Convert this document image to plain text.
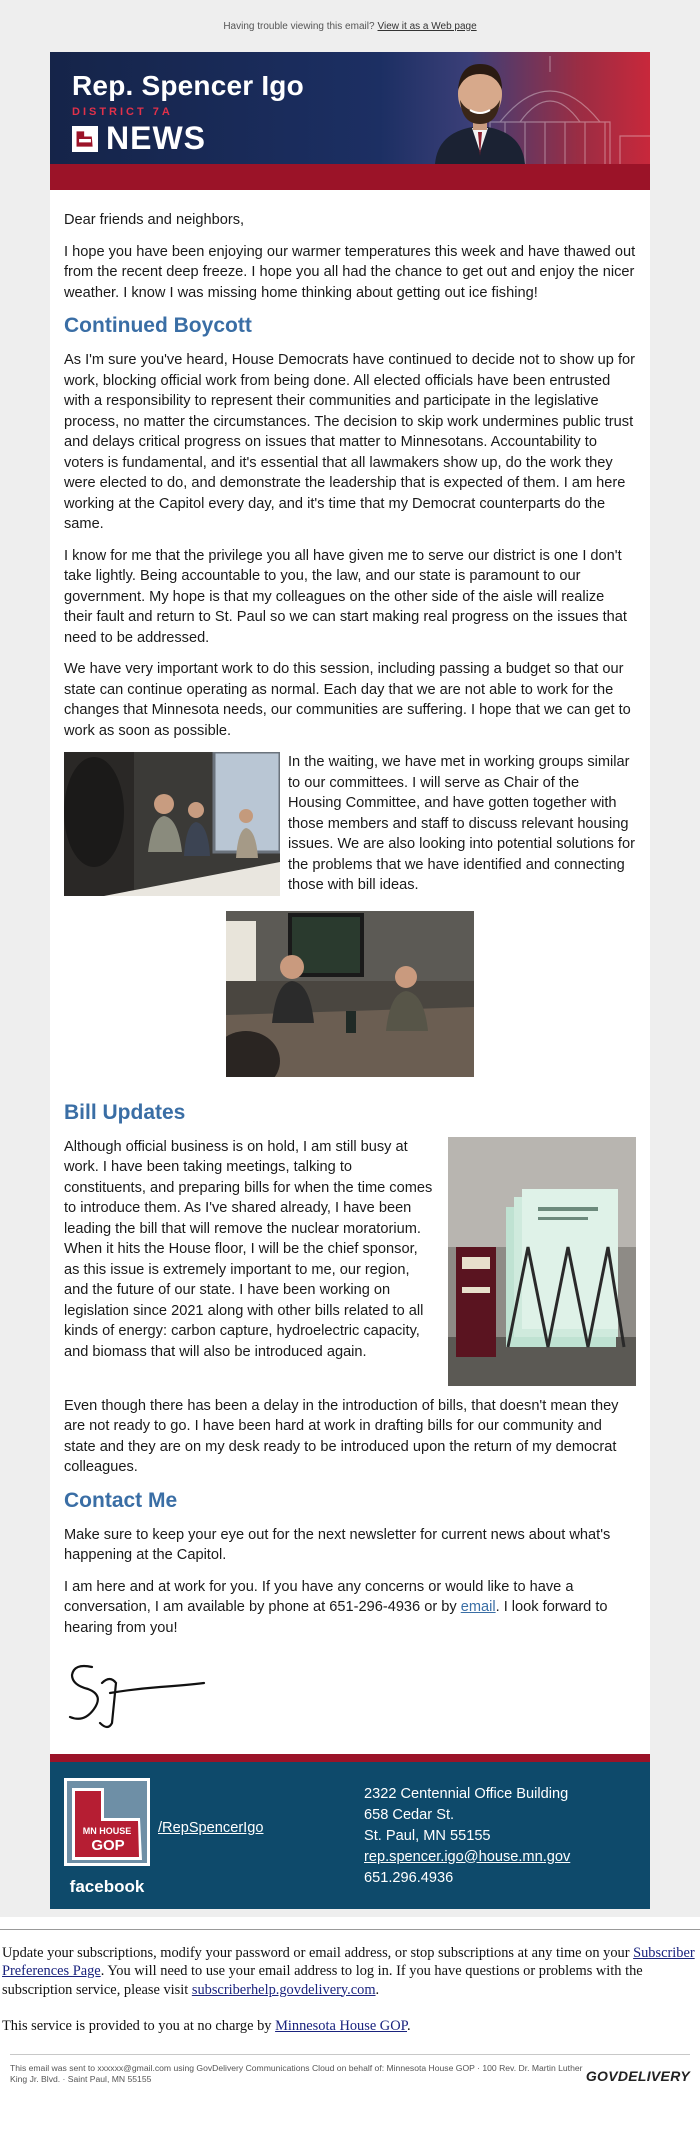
Having trouble viewing this email? View it as a Web page
Rep. Spencer Igo
DISTRICT 7A
NEWS

Dear friends and neighbors,

I hope you have been enjoying our warmer temperatures this week and have thawed out from the recent deep freeze. I hope you all had the chance to get out and enjoy the nicer weather. I know I was missing home thinking about getting out ice fishing!

Continued Boycott

As I'm sure you've heard, House Democrats have continued to decide not to show up for work, blocking official work from being done. All elected officials have been entrusted with a responsibility to represent their communities and participate in the legislative process, no matter the circumstances. The decision to skip work undermines public trust and delays critical progress on issues that matter to Minnesotans. Accountability to voters is fundamental, and it's essential that all lawmakers show up, do the work they were elected to do, and demonstrate the leadership that is expected of them. I am here working at the Capitol every day, and it's time that my Democrat counterparts do the same.

I know for me that the privilege you all have given me to serve our district is one I don't take lightly. Being accountable to you, the law, and our state is paramount to our government. My hope is that my colleagues on the other side of the aisle will realize their fault and return to St. Paul so we can start making real progress on the issues that need to be addressed.

We have very important work to do this session, including passing a budget so that our state can continue operating as normal. Each day that we are not able to work for the changes that Minnesota needs, our communities are suffering. I hope that we can get to work as soon as possible.

In the waiting, we have met in working groups similar to our committees. I will serve as Chair of the Housing Committee, and have gotten together with those members and staff to discuss relevant housing issues. We are also looking into potential solutions for the problems that we have identified and connecting those with bill ideas.

Bill Updates

Although official business is on hold, I am still busy at work. I have been taking meetings, talking to constituents, and preparing bills for when the time comes to introduce them. As I've shared already, I have been leading the bill that will remove the nuclear moratorium. When it hits the House floor, I will be the chief sponsor, as this issue is extremely important to me, our region, and the future of our state. I have been working on legislation since 2021 along with other bills related to all kinds of energy: carbon capture, hydroelectric capacity, and biomass that will also be introduced again.

Even though there has been a delay in the introduction of bills, that doesn't mean they are not ready to go. I have been hard at work in drafting bills for our community and state and they are on my desk ready to be introduced upon the return of my democrat colleagues.

Contact Me

Make sure to keep your eye out for the next newsletter for current news about what's happening at the Capitol.

I am here and at work for you. If you have any concerns or would like to have a conversation, I am available by phone at 651-296-4936 or by email. I look forward to hearing from you!

MN HOUSE
GOP
facebook
/RepSpencerIgo
2322 Centennial Office Building
658 Cedar St.
St. Paul, MN 55155
rep.spencer.igo@house.mn.gov
651.296.4936

Update your subscriptions, modify your password or email address, or stop subscriptions at any time on your Subscriber Preferences Page. You will need to use your email address to log in. If you have questions or problems with the subscription service, please visit subscriberhelp.govdelivery.com.

This service is provided to you at no charge by Minnesota House GOP.

This email was sent to xxxxxx@gmail.com using GovDelivery Communications Cloud on behalf of: Minnesota House GOP · 100 Rev. Dr. Martin Luther King Jr. Blvd. · Saint Paul, MN 55155	GOVDELIVERY
